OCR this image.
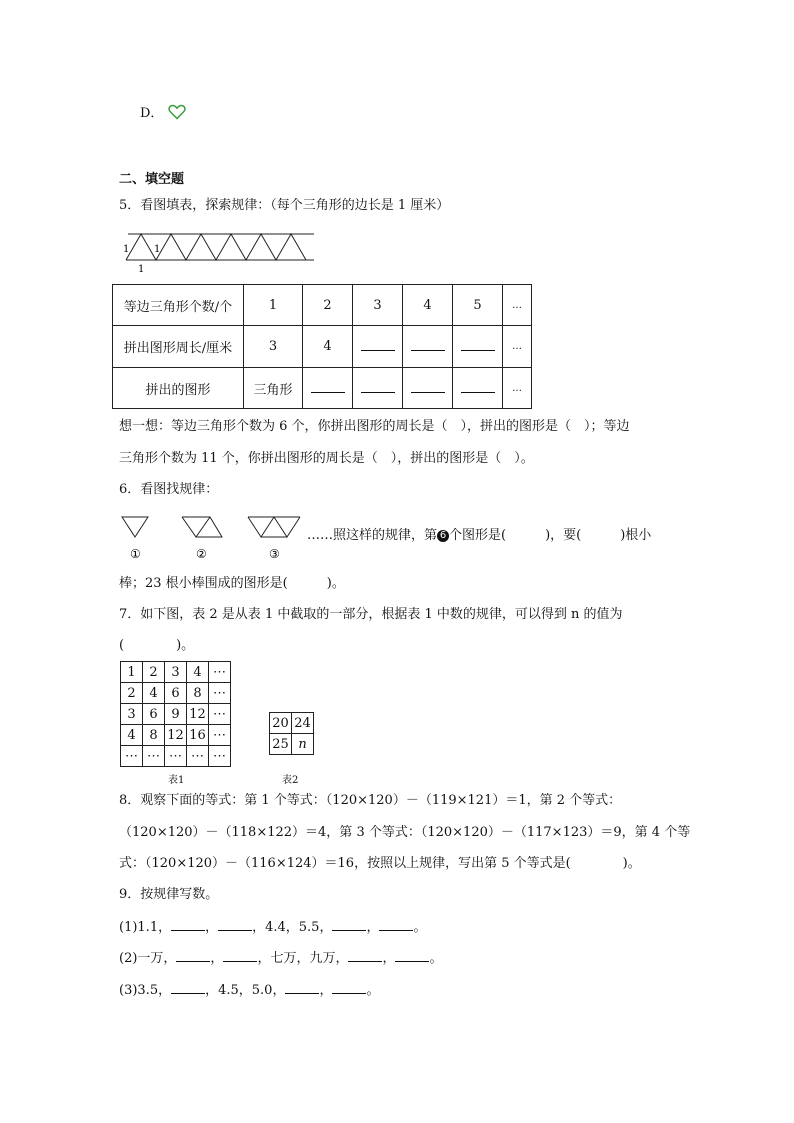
D．
二、填空题
5．看图填表，探索规律：（每个三角形的边长是 1 厘米）
1 1
1
等边三角形个数/个	1	2	3	4	5	…
拼出图形周长/厘米	3	4				…
拼出的图形	三角形					…
想一想：等边三角形个数为 6 个，你拼出图形的周长是（　），拼出的图形是（　）；等边
三角形个数为 11 个，你拼出图形的周长是（　），拼出的图形是（　）。
6．看图找规律：
①	②	③
……照这样的规律，第 6 个图形是(　　　)，要(　　　)根小
棒；23 根小棒围成的图形是(　　　)。
7．如下图，表 2 是从表 1 中截取的一部分，根据表 1 中数的规律，可以得到 n 的值为
(　　　　)。
1	2	3	4	⋯
2	4	6	8	⋯
3	6	9	12	⋯
4	8	12	16	⋯
⋯	⋯	⋯	⋯	⋯
表1
20	24
25	n
表2
8．观察下面的等式：第 1 个等式：（120×120）－（119×121）＝1，第 2 个等式：
（120×120）－（118×122）＝4，第 3 个等式：（120×120）－（117×123）＝9，第 4 个等
式：（120×120）－（116×124）＝16，按照以上规律，写出第 5 个等式是(　　　　)。
9．按规律写数。
(1)1.1，	，	，4.4，5.5，	，	。
(2)一万，	，	，七万，九万，	，	。
(3)3.5，	，4.5，5.0，	，	。
